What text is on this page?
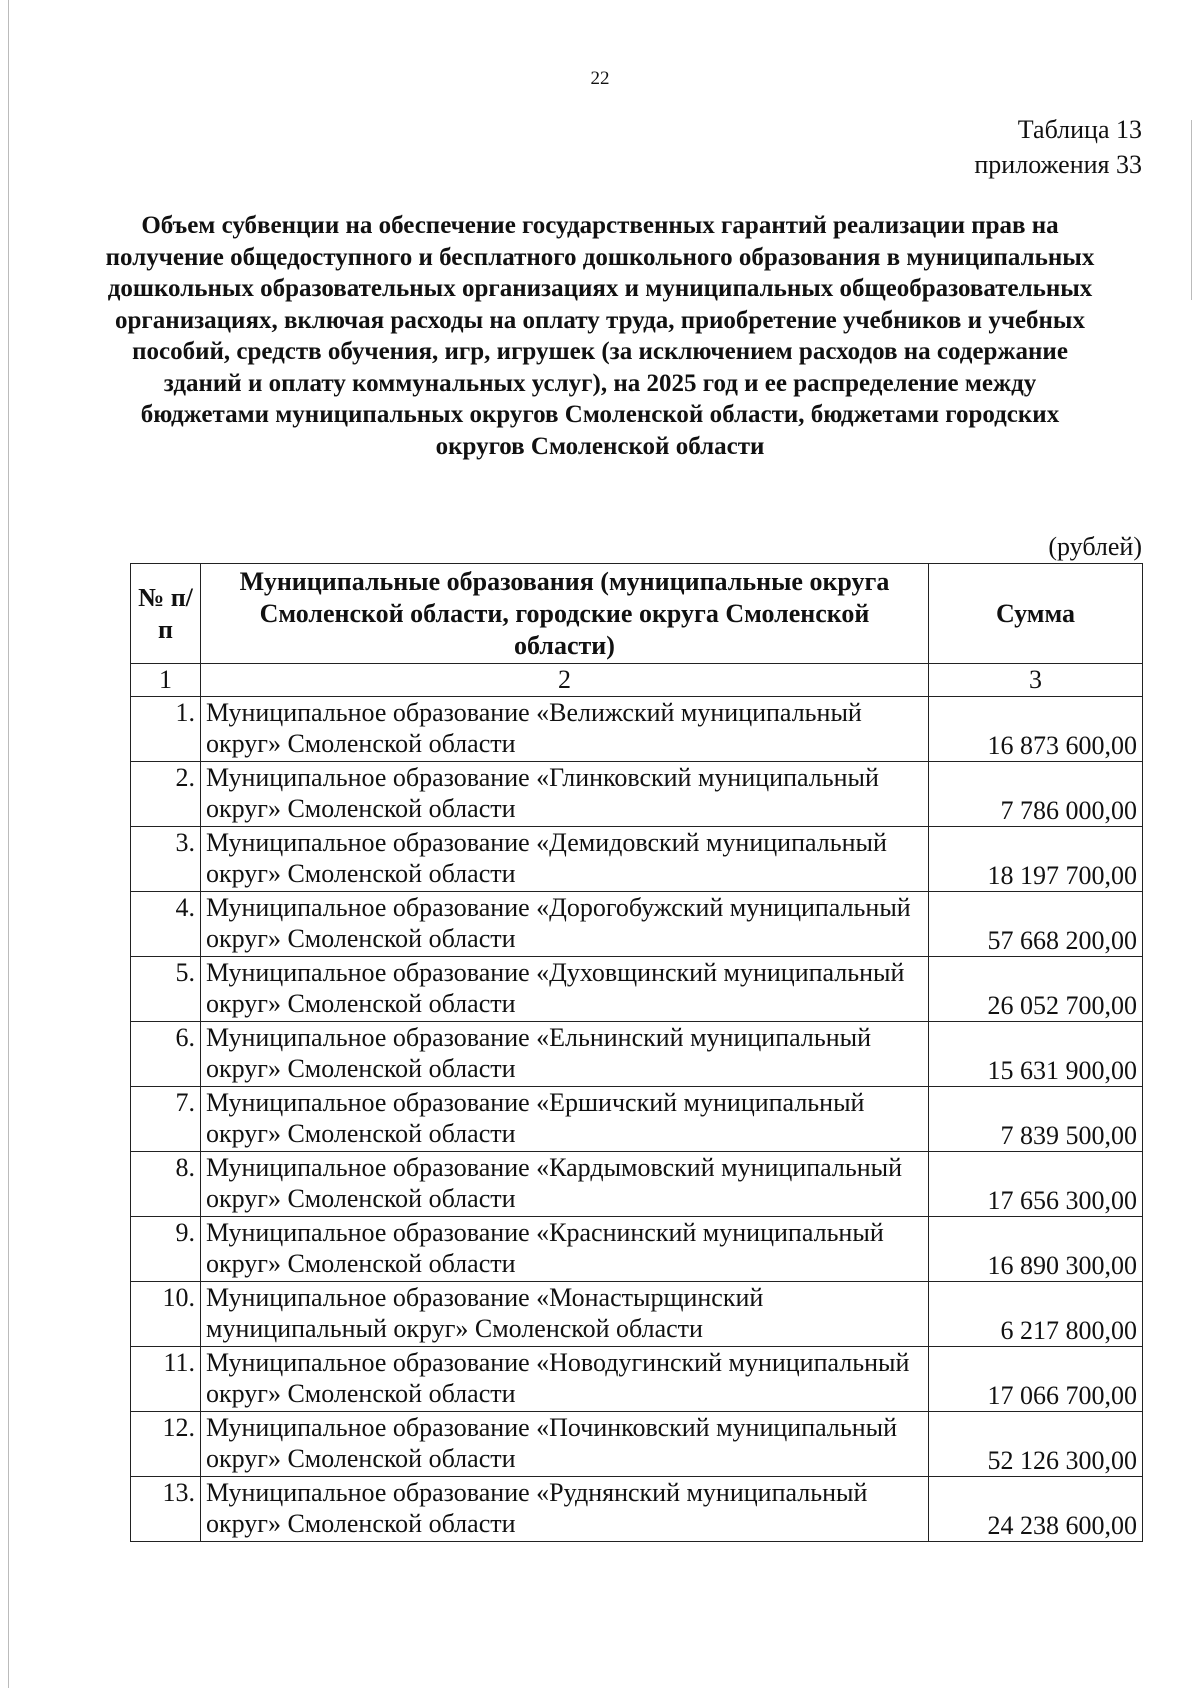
22
Таблица 13
приложения 33
Объем субвенции на обеспечение государственных гарантий реализации прав на получение общедоступного и бесплатного дошкольного образования в муниципальных дошкольных образовательных организациях и муниципальных общеобразовательных организациях, включая расходы на оплату труда, приобретение учебников и учебных пособий, средств обучения, игр, игрушек (за исключением расходов на содержание зданий и оплату коммунальных услуг), на 2025 год и ее распределение между бюджетами муниципальных округов Смоленской области, бюджетами городских округов Смоленской области
(рублей)
№ п/п	Муниципальные образования (муниципальные округа Смоленской области, городские округа Смоленской области)	Сумма
1	2	3
1.	Муниципальное образование «Велижский муниципальный округ» Смоленской области	16 873 600,00
2.	Муниципальное образование «Глинковский муниципальный округ» Смоленской области	7 786 000,00
3.	Муниципальное образование «Демидовский муниципальный округ» Смоленской области	18 197 700,00
4.	Муниципальное образование «Дорогобужский муниципальный округ» Смоленской области	57 668 200,00
5.	Муниципальное образование «Духовщинский муниципальный округ» Смоленской области	26 052 700,00
6.	Муниципальное образование «Ельнинский муниципальный округ» Смоленской области	15 631 900,00
7.	Муниципальное образование «Ершичский муниципальный округ» Смоленской области	7 839 500,00
8.	Муниципальное образование «Кардымовский муниципальный округ» Смоленской области	17 656 300,00
9.	Муниципальное образование «Краснинский муниципальный округ» Смоленской области	16 890 300,00
10.	Муниципальное образование «Монастырщинский муниципальный округ» Смоленской области	6 217 800,00
11.	Муниципальное образование «Новодугинский муниципальный округ» Смоленской области	17 066 700,00
12.	Муниципальное образование «Починковский муниципальный округ» Смоленской области	52 126 300,00
13.	Муниципальное образование «Руднянский муниципальный округ» Смоленской области	24 238 600,00
